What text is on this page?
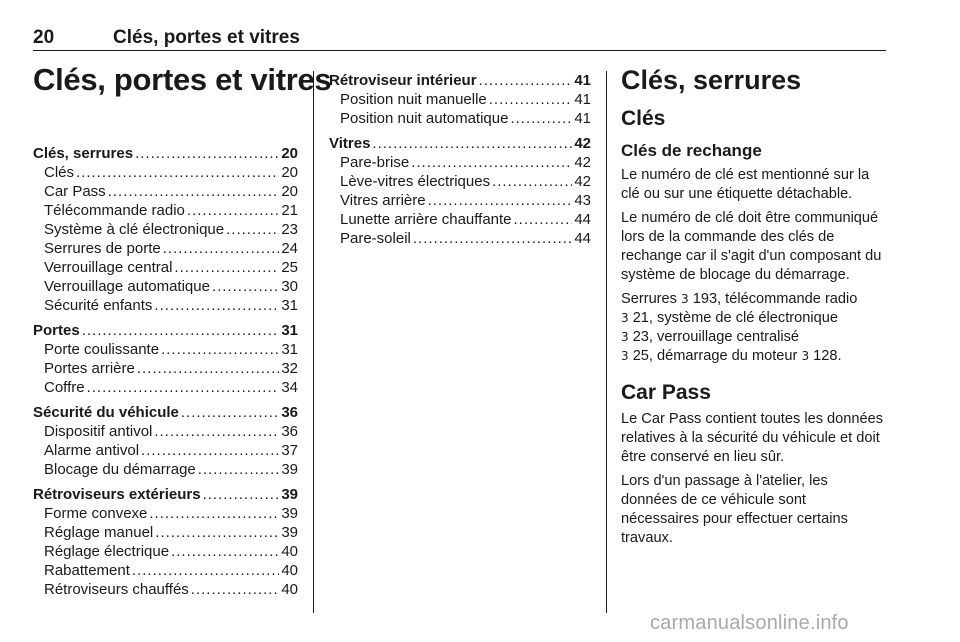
20	Clés, portes et vitres
Clés, portes et vitres
Clés, serrures .....	20
Clés .....	20
Car Pass .....	20
Télécommande radio .....	21
Système à clé électronique .....	23
Serrures de porte .....	24
Verrouillage central .....	25
Verrouillage automatique .....	30
Sécurité enfants .....	31
Portes .....	31
Porte coulissante .....	31
Portes arrière .....	32
Coffre .....	34
Sécurité du véhicule .....	36
Dispositif antivol .....	36
Alarme antivol .....	37
Blocage du démarrage .....	39
Rétroviseurs extérieurs .....	39
Forme convexe .....	39
Réglage manuel .....	39
Réglage électrique .....	40
Rabattement .....	40
Rétroviseurs chauffés .....	40
Rétroviseur intérieur .....	41
Position nuit manuelle .....	41
Position nuit automatique .....	41
Vitres .....	42
Pare-brise .....	42
Lève-vitres électriques .....	42
Vitres arrière .....	43
Lunette arrière chauffante .....	44
Pare-soleil .....	44
Clés, serrures
Clés
Clés de rechange

Le numéro de clé est mentionné sur la clé ou sur une étiquette détachable.

Le numéro de clé doit être communiqué lors de la commande des clés de rechange car il s'agit d'un composant du système de blocage du démarrage.

Serrures 3 193, télécommande radio
3 21, système de clé électronique
3 23, verrouillage centralisé
3 25, démarrage du moteur 3 128.

Car Pass

Le Car Pass contient toutes les données relatives à la sécurité du véhicule et doit être conservé en lieu sûr.

Lors d'un passage à l'atelier, les données de ce véhicule sont nécessaires pour effectuer certains travaux.

carmanualsonline.info
